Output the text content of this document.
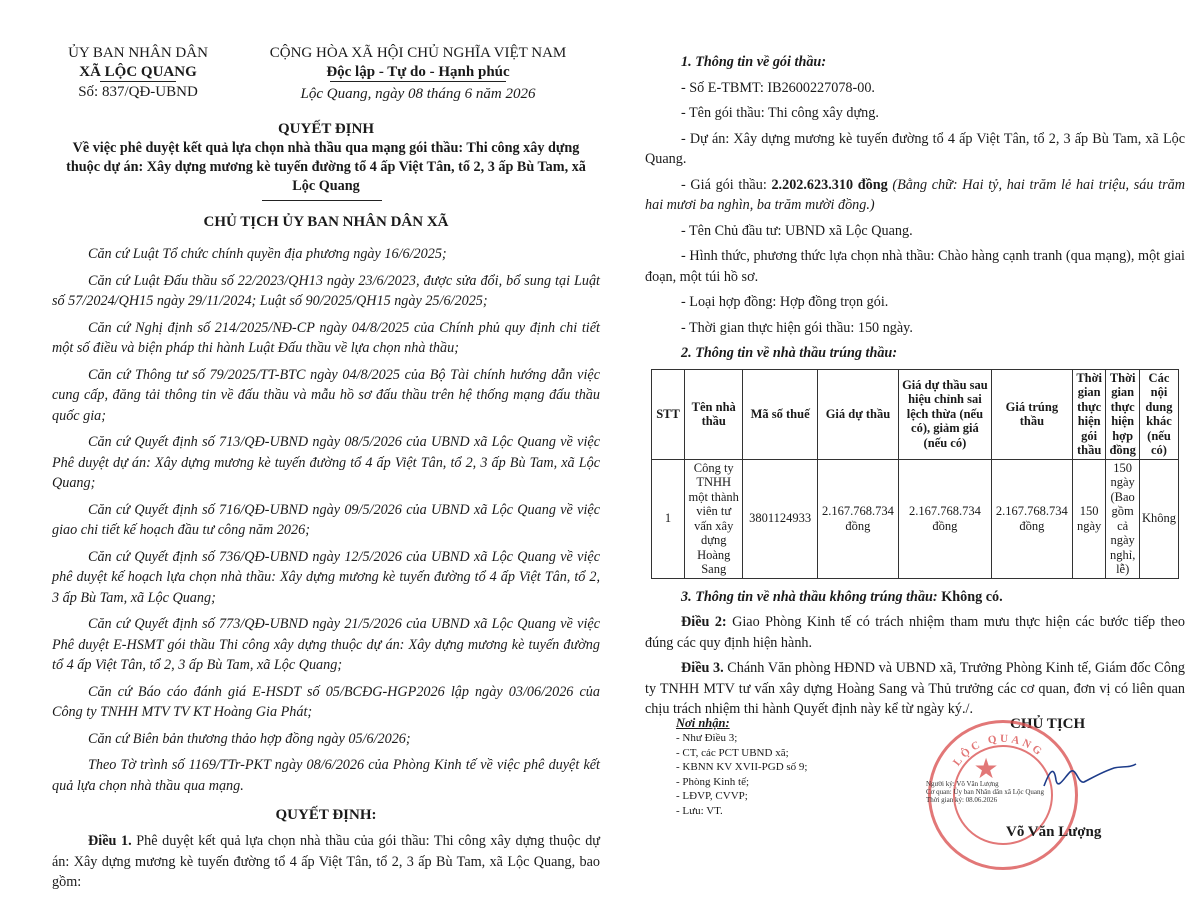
ỦY BAN NHÂN DÂN
XÃ LỘC QUANG
Số: 837/QĐ-UBND
CỘNG HÒA XÃ HỘI CHỦ NGHĨA VIỆT NAM
Độc lập - Tự do - Hạnh phúc
Lộc Quang, ngày 08 tháng 6 năm 2026
QUYẾT ĐỊNH
Về việc phê duyệt kết quả lựa chọn nhà thầu qua mạng gói thầu: Thi công xây dựng thuộc dự án: Xây dựng mương kè tuyến đường tổ 4 ấp Việt Tân, tổ 2, 3 ấp Bù Tam, xã Lộc Quang
CHỦ TỊCH ỦY BAN NHÂN DÂN XÃ
Căn cứ Luật Tổ chức chính quyền địa phương ngày 16/6/2025;
Căn cứ Luật Đấu thầu số 22/2023/QH13 ngày 23/6/2023, được sửa đổi, bổ sung tại Luật số 57/2024/QH15 ngày 29/11/2024; Luật số 90/2025/QH15 ngày 25/6/2025;
Căn cứ Nghị định số 214/2025/NĐ-CP ngày 04/8/2025 của Chính phủ quy định chi tiết một số điều và biện pháp thi hành Luật Đấu thầu về lựa chọn nhà thầu;
Căn cứ Thông tư số 79/2025/TT-BTC ngày 04/8/2025 của Bộ Tài chính hướng dẫn việc cung cấp, đăng tải thông tin về đấu thầu và mẫu hồ sơ đấu thầu trên hệ thống mạng đấu thầu quốc gia;
Căn cứ Quyết định số 713/QĐ-UBND ngày 08/5/2026 của UBND xã Lộc Quang về việc Phê duyệt dự án: Xây dựng mương kè tuyến đường tổ 4 ấp Việt Tân, tổ 2, 3 ấp Bù Tam, xã Lộc Quang;
Căn cứ Quyết định số 716/QĐ-UBND ngày 09/5/2026 của UBND xã Lộc Quang về việc giao chi tiết kế hoạch đầu tư công năm 2026;
Căn cứ Quyết định số 736/QĐ-UBND ngày 12/5/2026 của UBND xã Lộc Quang về việc phê duyệt kế hoạch lựa chọn nhà thầu: Xây dựng mương kè tuyến đường tổ 4 ấp Việt Tân, tổ 2, 3 ấp Bù Tam, xã Lộc Quang;
Căn cứ Quyết định số 773/QĐ-UBND ngày 21/5/2026 của UBND xã Lộc Quang về việc Phê duyệt E-HSMT gói thầu Thi công xây dựng thuộc dự án: Xây dựng mương kè tuyến đường tổ 4 ấp Việt Tân, tổ 2, 3 ấp Bù Tam, xã Lộc Quang;
Căn cứ Báo cáo đánh giá E-HSDT số 05/BCĐG-HGP2026 lập ngày 03/06/2026 của Công ty TNHH MTV TV KT Hoàng Gia Phát;
Căn cứ Biên bản thương thảo hợp đồng ngày 05/6/2026;
Theo Tờ trình số 1169/TTr-PKT ngày 08/6/2026 của Phòng Kinh tế về việc phê duyệt kết quả lựa chọn nhà thầu qua mạng.
QUYẾT ĐỊNH:
Điều 1. Phê duyệt kết quả lựa chọn nhà thầu của gói thầu: Thi công xây dựng thuộc dự án: Xây dựng mương kè tuyến đường tổ 4 ấp Việt Tân, tổ 2, 3 ấp Bù Tam, xã Lộc Quang, bao gồm:
1. Thông tin về gói thầu:
- Số E-TBMT: IB2600227078-00.
- Tên gói thầu: Thi công xây dựng.
- Dự án: Xây dựng mương kè tuyến đường tổ 4 ấp Việt Tân, tổ 2, 3 ấp Bù Tam, xã Lộc Quang.
- Giá gói thầu: 2.202.623.310 đồng (Bằng chữ: Hai tỷ, hai trăm lẻ hai triệu, sáu trăm hai mươi ba nghìn, ba trăm mười đồng.)
- Tên Chủ đầu tư: UBND xã Lộc Quang.
- Hình thức, phương thức lựa chọn nhà thầu: Chào hàng cạnh tranh (qua mạng), một giai đoạn, một túi hồ sơ.
- Loại hợp đồng: Hợp đồng trọn gói.
- Thời gian thực hiện gói thầu: 150 ngày.
2. Thông tin về nhà thầu trúng thầu:
STT	Tên nhà thầu	Mã số thuế	Giá dự thầu	Giá dự thầu sau hiệu chỉnh sai lệch thừa (nếu có), giảm giá (nếu có)	Giá trúng thầu	Thời gian thực hiện gói thầu	Thời gian thực hiện hợp đồng	Các nội dung khác (nếu có)
1	Công ty TNHH một thành viên tư vấn xây dựng Hoàng Sang	3801124933	2.167.768.734 đồng	2.167.768.734 đồng	2.167.768.734 đồng	150 ngày	150 ngày (Bao gồm cả ngày nghỉ, lễ)	Không
3. Thông tin về nhà thầu không trúng thầu: Không có.
Điều 2: Giao Phòng Kinh tế có trách nhiệm tham mưu thực hiện các bước tiếp theo đúng các quy định hiện hành.
Điều 3. Chánh Văn phòng HĐND và UBND xã, Trưởng Phòng Kinh tế, Giám đốc Công ty TNHH MTV tư vấn xây dựng Hoàng Sang và Thủ trưởng các cơ quan, đơn vị có liên quan chịu trách nhiệm thi hành Quyết định này kể từ ngày ký./.
Nơi nhận:
- Như Điều 3;
- CT, các PCT UBND xã;
- KBNN KV XVII-PGD số 9;
- Phòng Kinh tế;
- LĐVP, CVVP;
- Lưu: VT.
CHỦ TỊCH
LỘC QUANG
★
Người ký: Võ Văn Lượng
Cơ quan: Ủy ban Nhân dân xã Lộc Quang
Thời gian ký: 08.06.2026
Võ Văn Lượng
